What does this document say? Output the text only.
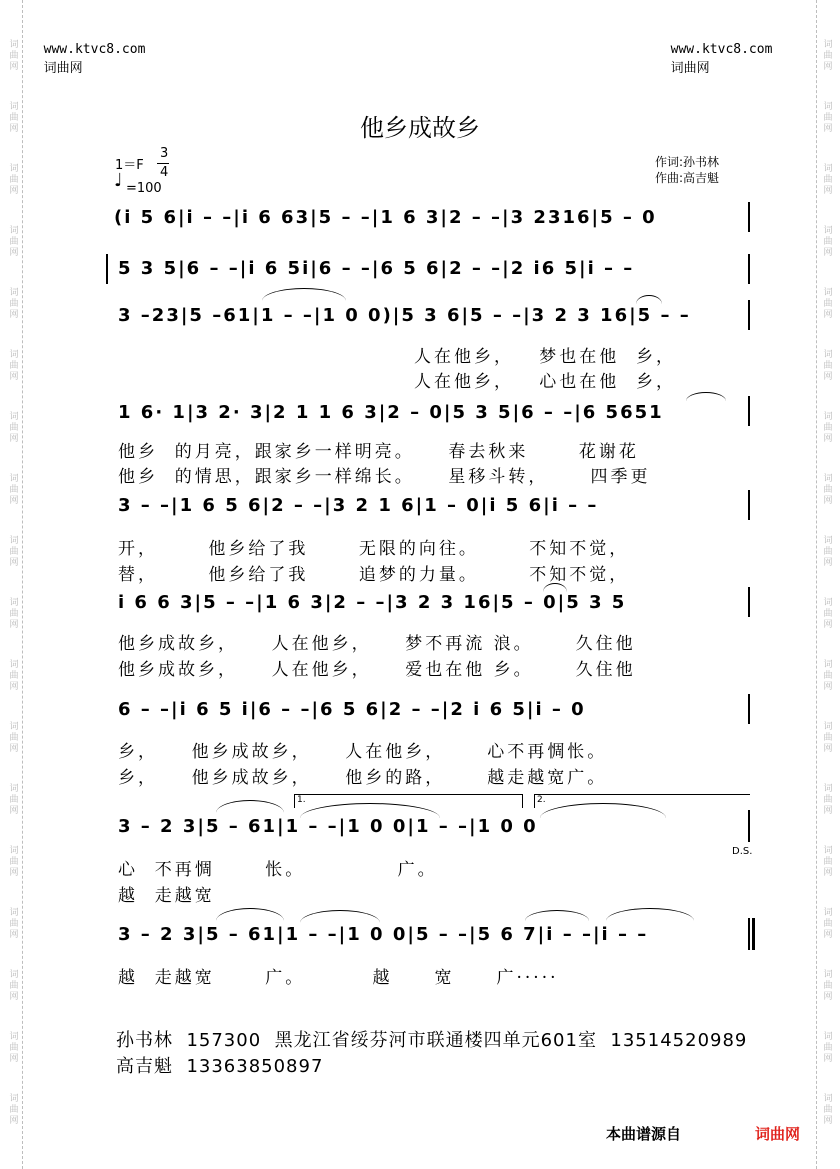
www.ktvc8.com
词曲网

www.ktvc8.com
词曲网

他乡成故乡
1＝F
3
4
♩ =100
作词:孙书林
作曲:高吉魁
(i 5 6|i – –|i 6 63|5 – –|1 6 3|2 – –|3 2316|5 – 0
5 3 5|6 – –|i 6 5i|6 – –|6 5 6|2 – –|2 i6 5|i – –
3 –23|5 –61|1 – –|1 0 0)|5 3 6|5 – –|3 2 3 16|5 – –
人在他乡，   梦也在他  乡，
人在他乡，   心也在他  乡，
1 6· 1|3 2· 3|2 1 1 6 3|2 – 0|5 3 5|6 – –|6 5651
他乡  的月亮，跟家乡一样明亮。    春去秋来      花谢花
他乡  的情思，跟家乡一样绵长。    星移斗转，     四季更
3 – –|1 6 5 6|2 – –|3 2 1 6|1 – 0|i 5 6|i – –
开，      他乡给了我      无限的向往。      不知不觉，
替，      他乡给了我      追梦的力量。      不知不觉，
i 6 6 3|5 – –|1 6 3|2 – –|3 2 3 16|5 – 0|5 3 5
他乡成故乡，    人在他乡，    梦不再流 浪。     久住他
他乡成故乡，    人在他乡，    爱也在他 乡。     久住他
6 – –|i 6 5 i|6 – –|6 5 6|2 – –|2 i 6 5|i – 0
乡，    他乡成故乡，    人在他乡，     心不再惆怅。
乡，    他乡成故乡，    他乡的路，     越走越宽广。
1.	2.
3 – 2 3|5 – 61|1 – –|1 0 0|1 – –|1 0 0
D.S.
心  不再惆      怅。           广。
越  走越宽
3 – 2 3|5 – 61|1 – –|1 0 0|5 – –|5 6 7|i – –|i – –
越  走越宽      广。        越     宽     广·····
孙书林  157300  黑龙江省绥芬河市联通楼四单元601室  13514520989
高吉魁  13363850897
本曲谱源自	词曲网
词
曲
网
词
曲
网
词
曲
网
词
曲
网
词
曲
网
词
曲
网
词
曲
网
词
曲
网
词
曲
网
词
曲
网
词
曲
网
词
曲
网
词
曲
网
词
曲
网
词
曲
网
词
曲
网
词
曲
网
词
曲
网
词
曲
网
词
曲
网
词
曲
网
词
曲
网
词
曲
网
词
曲
网
词
曲
网
词
曲
网
词
曲
网
词
曲
网
词
曲
网
词
曲
网
词
曲
网
词
曲
网
词
曲
网
词
曲
网
词
曲
网
词
曲
网
